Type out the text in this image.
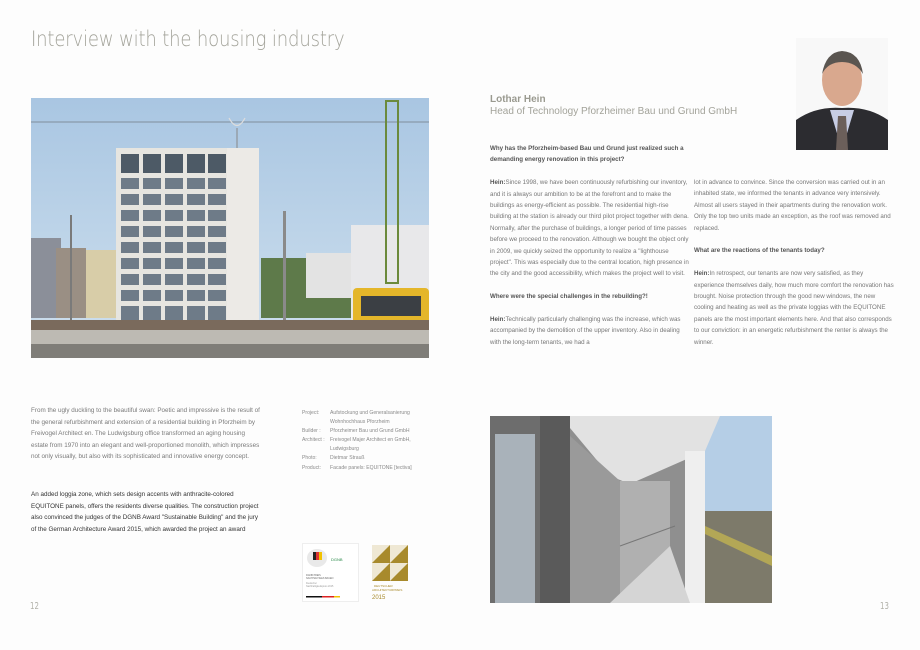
Interview with the housing industry
Lothar Hein
Head of Technology Pforzheimer Bau und Grund GmbH

Why has the Pforzheim-based Bau und Grund just realized such a demanding energy renovation in this project?

Hein:Since 1998, we have been continuously refurbishing our inventory, and it is always our ambition to be at the forefront and to make the buildings as energy-efficient as possible. The residential high-rise building at the station is already our third pilot project together with dena. Normally, after the purchase of buildings, a longer period of time passes before we proceed to the renovation. Although we bought the object only in 2009, we quickly seized the opportunity to realize a "lighthouse project". This was especially due to the central location, high presence in the city and the good accessibility, which makes the project well to visit.

Where were the special challenges in the rebuilding?!

Hein:Technically particularly challenging was the increase, which was accompanied by the demolition of the upper inventory. Also in dealing with the long-term tenants, we had a

lot in advance to convince. Since the conversion was carried out in an inhabited state, we informed the tenants in advance very intensively. Almost all users stayed in their apartments during the renovation work. Only the top two units made an exception, as the roof was removed and replaced.

What are the reactions of the tenants today?

Hein:In retrospect, our tenants are now very satisfied, as they experience themselves daily, how much more comfort the renovation has brought. Noise protection through the good new windows, the new cooling and heating as well as the private loggias with the EQUITONE panels are the most important elements here. And that also corresponds to our conviction: in an energetic refurbishment the renter is always the winner.

From the ugly duckling to the beautiful swan: Poetic and impressive is the result of the general refurbishment and extension of a residential building in Pforzheim by Freivogel Architect en. The Ludwigsburg office transformed an aging housing estate from 1970 into an elegant and well-proportioned monolith, which impresses not only visually, but also with its sophisticated and innovative energy concept.
An added loggia zone, which sets design accents with anthracite-colored EQUITONE panels, offers the residents diverse qualities. The construction project also convinced the judges of the DGNB Award "Sustainable Building" and the jury of the German Architecture Award 2015, which awarded the project an award
Project:	Aufstockung und Generalsanierung Wohnhochhaus Pforzheim
Builder :	Pforzheimer Bau und Grund GmbH
Architect :	Freivogel Majer Architect en GmbH,
Ludwigsburg
Photo:	Dietmar Strauß
Product:	Facade panels: EQUITONE [tectiva]
DGNB
DGNB PREIS
NACHHALTIGES BAUEN
Deutscher
Nachhaltigkeitspreis 2015	DEUTSCHER
ARCHITEKTURPREIS
2015
12	13
